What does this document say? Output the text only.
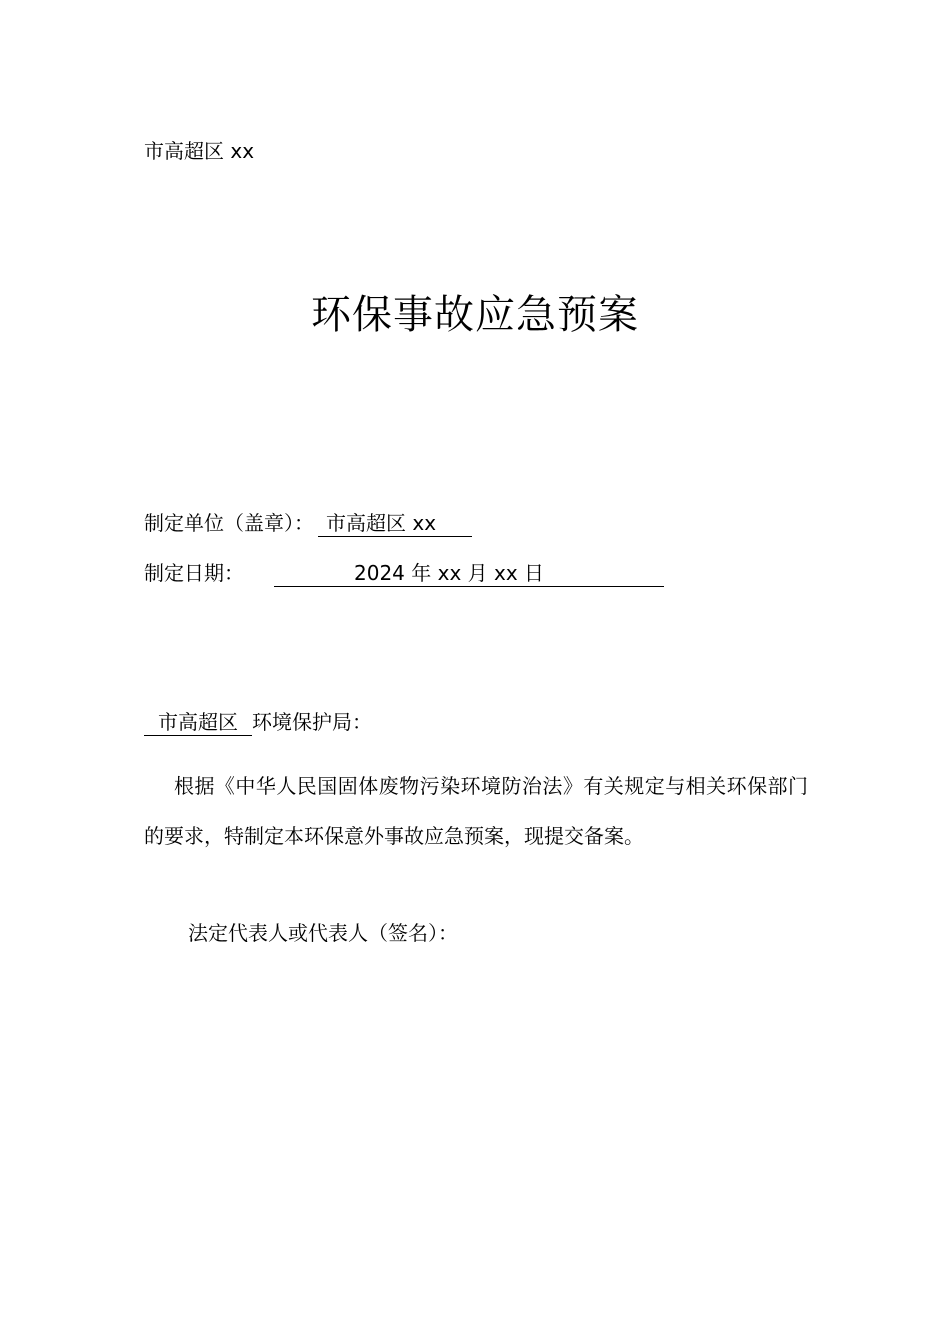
市高超区 xx
环保事故应急预案
制定单位（盖章）： 市高超区 xx
制定日期：	2024 年 xx 月 xx 日
市高超区 环境保护局：

根据《中华人民国固体废物污染环境防治法》有关规定与相关环保部门的要求，特制定本环保意外事故应急预案，现提交备案。

法定代表人或代表人（签名）：
